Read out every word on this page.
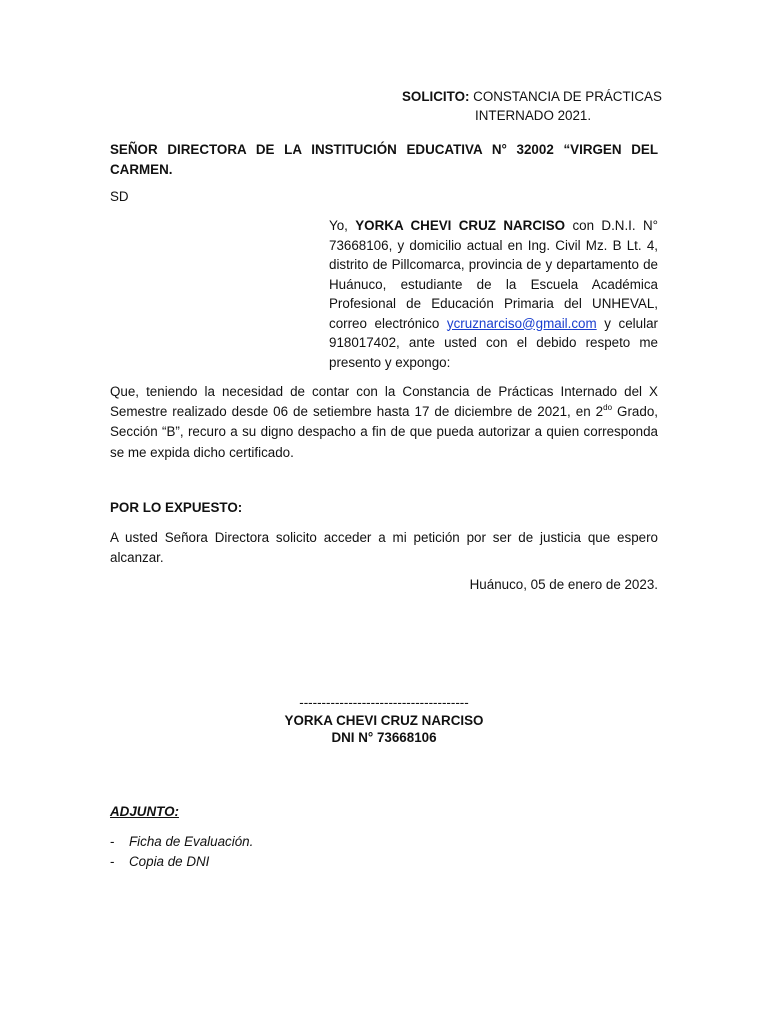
SOLICITO: CONSTANCIA DE PRÁCTICAS
INTERNADO 2021.
SEÑOR DIRECTORA DE LA INSTITUCIÓN EDUCATIVA N° 32002 “VIRGEN DEL CARMEN.
SD
Yo, YORKA CHEVI CRUZ NARCISO con D.N.I. N° 73668106, y domicilio actual en Ing. Civil Mz. B Lt. 4, distrito de Pillcomarca, provincia de y departamento de Huánuco, estudiante de la Escuela Académica Profesional de Educación Primaria del UNHEVAL, correo electrónico ycruznarciso@gmail.com y celular 918017402, ante usted con el debido respeto me presento y expongo:
Que, teniendo la necesidad de contar con la Constancia de Prácticas Internado del X Semestre realizado desde 06 de setiembre hasta 17 de diciembre de 2021, en $2^{do}$ Grado, Sección “B”, recuro a su digno despacho a fin de que pueda autorizar a quien corresponda se me expida dicho certificado.
POR LO EXPUESTO:
A usted Señora Directora solicito acceder a mi petición por ser de justicia que espero alcanzar.
Huánuco, 05 de enero de 2023.
--------------------------------------
YORKA CHEVI CRUZ NARCISO
DNI N° 73668106
ADJUNTO:
- Ficha de Evaluación.
- Copia de DNI
